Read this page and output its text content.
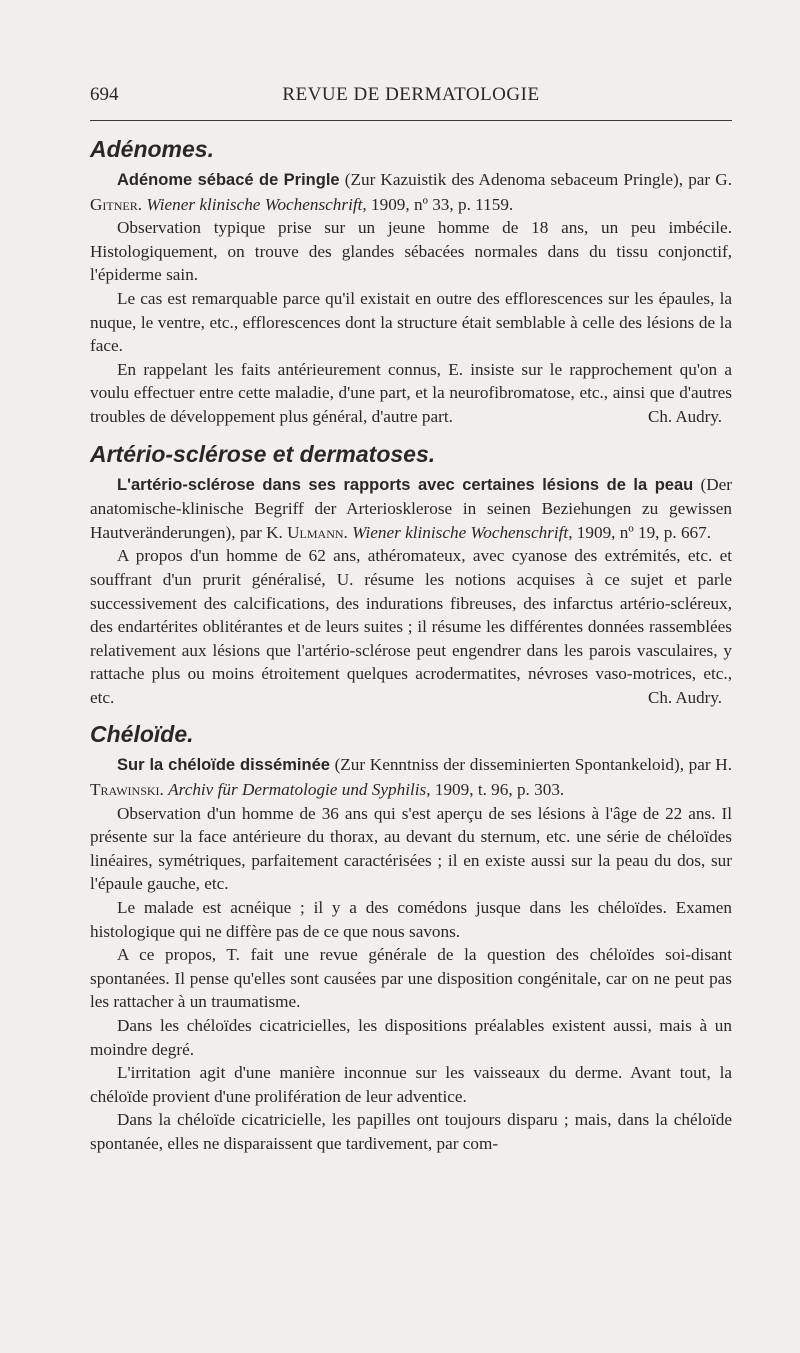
694	REVUE DE DERMATOLOGIE
Adénomes.

Adénome sébacé de Pringle (Zur Kazuistik des Adenoma sebaceum Pringle), par G. Gitner. Wiener klinische Wochenschrift, 1909, nº 33, p. 1159.

Observation typique prise sur un jeune homme de 18 ans, un peu imbécile. Histologiquement, on trouve des glandes sébacées normales dans du tissu conjonctif, l'épiderme sain.

Le cas est remarquable parce qu'il existait en outre des efflorescences sur les épaules, la nuque, le ventre, etc., efflorescences dont la structure était semblable à celle des lésions de la face.

En rappelant les faits antérieurement connus, E. insiste sur le rapprochement qu'on a voulu effectuer entre cette maladie, d'une part, et la neurofibromatose, etc., ainsi que d'autres troubles de développement plus général, d'autre part.	Ch. Audry.

Artério-sclérose et dermatoses.

L'artério-sclérose dans ses rapports avec certaines lésions de la peau (Der anatomische-klinische Begriff der Arteriosklerose in seinen Beziehungen zu gewissen Hautveränderungen), par K. Ulmann. Wiener klinische Wochenschrift, 1909, nº 19, p. 667.

A propos d'un homme de 62 ans, athéromateux, avec cyanose des extrémités, etc. et souffrant d'un prurit généralisé, U. résume les notions acquises à ce sujet et parle successivement des calcifications, des indurations fibreuses, des infarctus artério-scléreux, des endartérites oblitérantes et de leurs suites ; il résume les différentes données rassemblées relativement aux lésions que l'artério-sclérose peut engendrer dans les parois vasculaires, y rattache plus ou moins étroitement quelques acrodermatites, névroses vaso-motrices, etc., etc.	Ch. Audry.

Chéloïde.

Sur la chéloïde disséminée (Zur Kenntniss der disseminierten Spontankeloid), par H. Trawinski. Archiv für Dermatologie und Syphilis, 1909, t. 96, p. 303.

Observation d'un homme de 36 ans qui s'est aperçu de ses lésions à l'âge de 22 ans. Il présente sur la face antérieure du thorax, au devant du sternum, etc. une série de chéloïdes linéaires, symétriques, parfaitement caractérisées ; il en existe aussi sur la peau du dos, sur l'épaule gauche, etc.

Le malade est acnéique ; il y a des comédons jusque dans les chéloïdes. Examen histologique qui ne diffère pas de ce que nous savons.

A ce propos, T. fait une revue générale de la question des chéloïdes soi-disant spontanées. Il pense qu'elles sont causées par une disposition congénitale, car on ne peut pas les rattacher à un traumatisme.

Dans les chéloïdes cicatricielles, les dispositions préalables existent aussi, mais à un moindre degré.

L'irritation agit d'une manière inconnue sur les vaisseaux du derme. Avant tout, la chéloïde provient d'une prolifération de leur adventice.

Dans la chéloïde cicatricielle, les papilles ont toujours disparu ; mais, dans la chéloïde spontanée, elles ne disparaissent que tardivement, par com-
